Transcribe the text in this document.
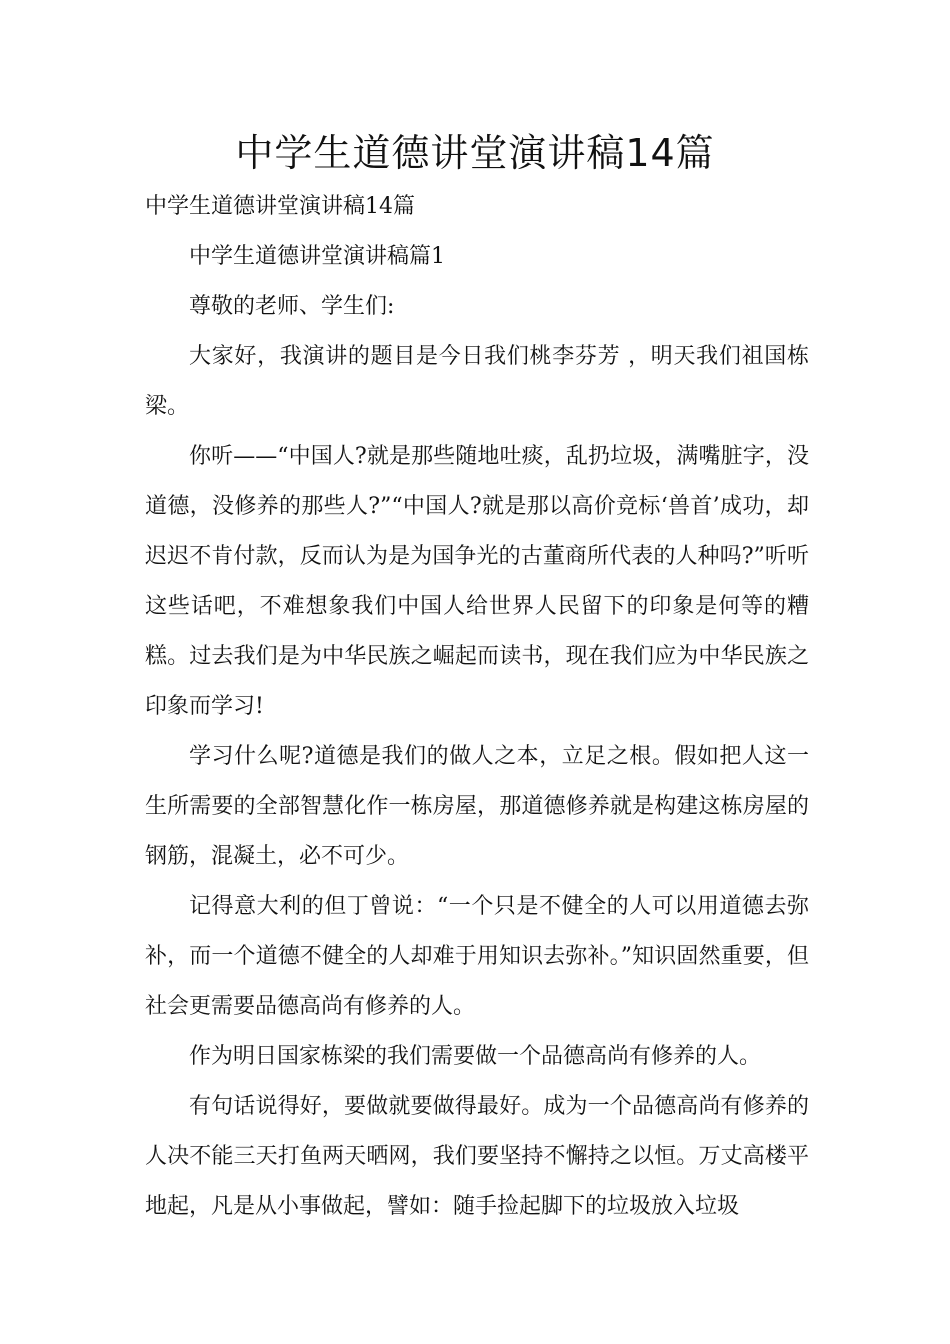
中学生道德讲堂演讲稿14篇

中学生道德讲堂演讲稿14篇

中学生道德讲堂演讲稿篇1

尊敬的老师、学生们:

大家好，我演讲的题目是今日我们桃李芬芳 ，明天我们祖国栋梁。

你听——“中国人?就是那些随地吐痰，乱扔垃圾，满嘴脏字，没道德，没修养的那些人?”“中国人?就是那以高价竞标‘兽首’成功，却迟迟不肯付款，反而认为是为国争光的古董商所代表的人种吗?”听听这些话吧，不难想象我们中国人给世界人民留下的印象是何等的糟糕。过去我们是为中华民族之崛起而读书，现在我们应为中华民族之印象而学习!

学习什么呢?道德是我们的做人之本，立足之根。假如把人这一生所需要的全部智慧化作一栋房屋，那道德修养就是构建这栋房屋的钢筋，混凝土，必不可少。

记得意大利的但丁曾说：“一个只是不健全的人可以用道德去弥补，而一个道德不健全的人却难于用知识去弥补。”知识固然重要，但社会更需要品德高尚有修养的人。

作为明日国家栋梁的我们需要做一个品德高尚有修养的人。

有句话说得好，要做就要做得最好。成为一个品德高尚有修养的人决不能三天打鱼两天晒网，我们要坚持不懈持之以恒。万丈高楼平地起，凡是从小事做起，譬如：随手捡起脚下的垃圾放入垃圾
